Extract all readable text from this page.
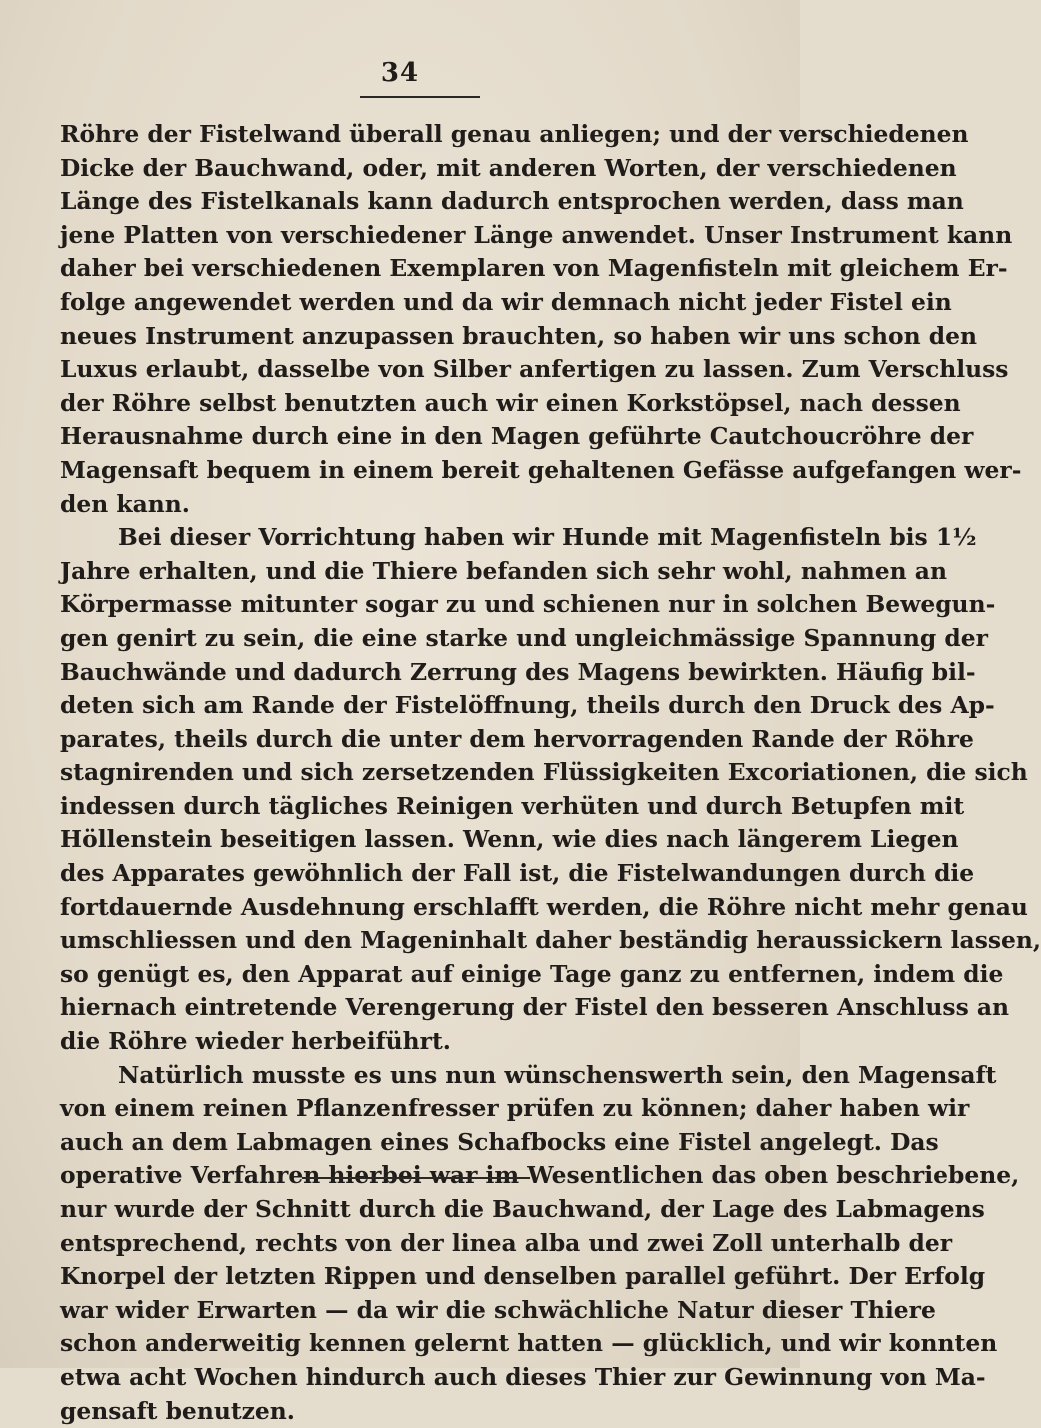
34
Röhre der Fistelwand überall genau anliegen; und der verschiedenen
Dicke der Bauchwand, oder, mit anderen Worten, der verschiedenen
Länge des Fistelkanals kann dadurch entsprochen werden, dass man
jene Platten von verschiedener Länge anwendet. Unser Instrument kann
daher bei verschiedenen Exemplaren von Magenfisteln mit gleichem Er-
folge angewendet werden und da wir demnach nicht jeder Fistel ein
neues Instrument anzupassen brauchten, so haben wir uns schon den
Luxus erlaubt, dasselbe von Silber anfertigen zu lassen. Zum Verschluss
der Röhre selbst benutzten auch wir einen Korkstöpsel, nach dessen
Herausnahme durch eine in den Magen geführte Cautchoucröhre der
Magensaft bequem in einem bereit gehaltenen Gefässe aufgefangen wer-
den kann.
Bei dieser Vorrichtung haben wir Hunde mit Magenfisteln bis 1½
Jahre erhalten, und die Thiere befanden sich sehr wohl, nahmen an
Körpermasse mitunter sogar zu und schienen nur in solchen Bewegun-
gen genirt zu sein, die eine starke und ungleichmässige Spannung der
Bauchwände und dadurch Zerrung des Magens bewirkten. Häufig bil-
deten sich am Rande der Fistelöffnung, theils durch den Druck des Ap-
parates, theils durch die unter dem hervorragenden Rande der Röhre
stagnirenden und sich zersetzenden Flüssigkeiten Excoriationen, die sich
indessen durch tägliches Reinigen verhüten und durch Betupfen mit
Höllenstein beseitigen lassen. Wenn, wie dies nach längerem Liegen
des Apparates gewöhnlich der Fall ist, die Fistelwandungen durch die
fortdauernde Ausdehnung erschlafft werden, die Röhre nicht mehr genau
umschliessen und den Mageninhalt daher beständig heraussickern lassen,
so genügt es, den Apparat auf einige Tage ganz zu entfernen, indem die
hiernach eintretende Verengerung der Fistel den besseren Anschluss an
die Röhre wieder herbeiführt.
Natürlich musste es uns nun wünschenswerth sein, den Magensaft
von einem reinen Pflanzenfresser prüfen zu können; daher haben wir
auch an dem Labmagen eines Schafbocks eine Fistel angelegt. Das
operative Verfahren hierbei war im Wesentlichen das oben beschriebene,
nur wurde der Schnitt durch die Bauchwand, der Lage des Labmagens
entsprechend, rechts von der linea alba und zwei Zoll unterhalb der
Knorpel der letzten Rippen und denselben parallel geführt. Der Erfolg
war wider Erwarten — da wir die schwächliche Natur dieser Thiere
schon anderweitig kennen gelernt hatten — glücklich, und wir konnten
etwa acht Wochen hindurch auch dieses Thier zur Gewinnung von Ma-
gensaft benutzen.
